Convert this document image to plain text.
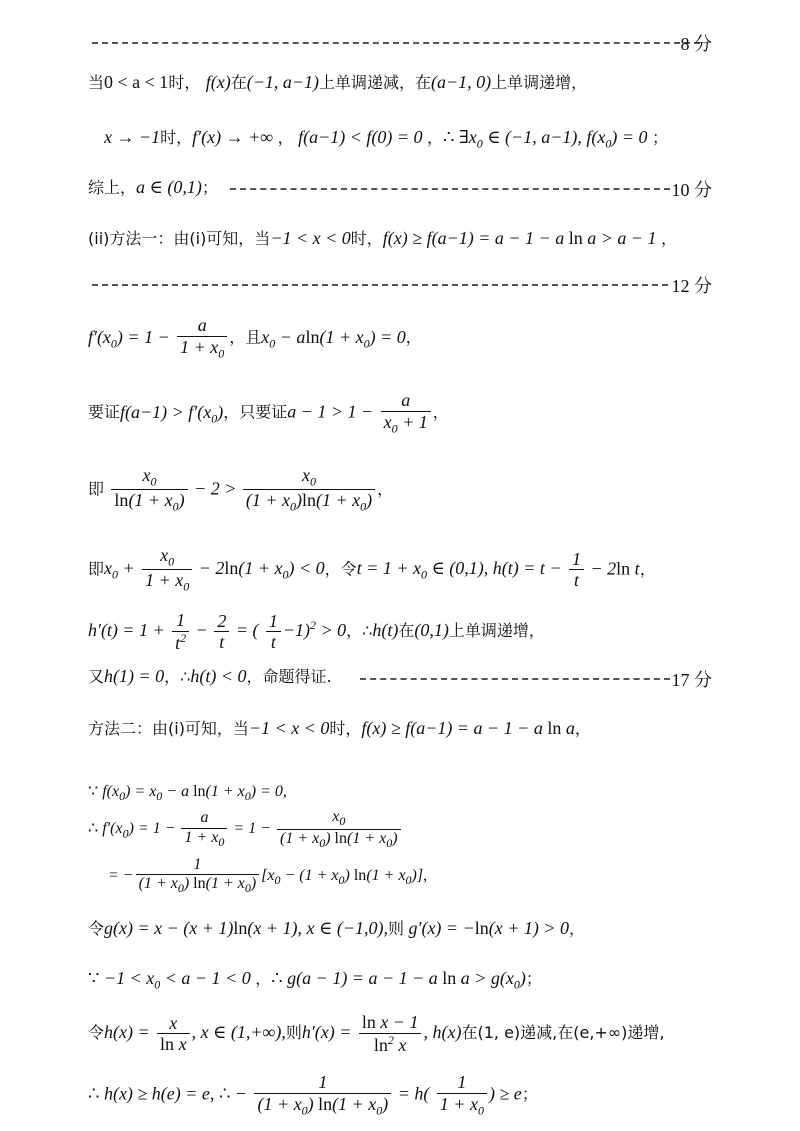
8 分
当0 < a < 1时， f(x)在(−1, a−1)上单调递减，在(a−1, 0)上单调递增，
x → −1时，f′(x) → +∞ ， f(a−1) < f(0) = 0 ，∴ $\exists x_0$ ∈ (−1, a−1), $f(x_0) = 0$ ；
综上，a ∈ (0,1)；	10 分
(ii)方法一：由(i)可知，当−1 < x < 0时，f(x) ≥ f(a−1) = a − 1 − a ln a > a − 1 ，
12 分
$f'(x_0) = 1 - \frac{a}{1 + x_0}$ ，且$x_0 - aln(1 + x_0) = 0$，
要证$f(a-1) > f'(x_0)$，只要证$a - 1 > 1 - \frac{a}{x_0 + 1}$ ，
即 $\frac{x_0}{\ln(1 + x_0)} - 2 > \frac{x_0}{(1 + x_0)\ln(1 + x_0)}$ ，
即$x_0 + \frac{x_0}{1 + x_0} - 2\ln(1 + x_0) < 0$，令$t = 1 + x_0$ ∈ (0,1), $h(t) = t - \frac{1}{t} - 2\ln$ t，
$h'(t) = 1 + \frac{1}{t^2} - \frac{2}{t}$ = ( $\frac{1}{t} -1)^2 > 0$，∴h(t)在(0,1)上单调递增，
又h(1) = 0，∴h(t) < 0，命题得证.	17 分
方法二：由(i)可知，当−1 < x < 0时，f(x) ≥ f(a−1) = a − 1 − a ln a，
∵ $f(x_0) = x_0 - a$ $\ln(1 + x_0) = 0$,
∴ $f'(x_0) = 1 - \frac{a}{1 + x_0} = 1 - \frac{x_0}{(1 + x_0) \ln(1 + x_0)}$
= − $\frac{1}{(1 + x_0) \ln(1 + x_0)} [x_0 - (1 + x_0) \ln(1 + x_0)]$,
令g(x) = x − (x + 1)ln(x + 1), x ∈ (−1,0),则 g′(x) = −ln(x + 1) > 0，
∵ $-1 < x_0 < a - 1 < 0$ ，∴ g(a − 1) = a − 1 − a $\ln a > g(x_0)$；
令$h(x) = \frac{x}{\text{ln x}}$ , x ∈ (1,+∞),则$h'(x) = \frac{\text{ln x − 1}}{\ln^2 x}$ , h(x)在(1, e)递减,在(e,+∞)递增,
∴ h(x) ≥ h(e) = e, ∴ − $\frac{1}{(1 + x_0) \ln(1 + x_0)} = h( \frac{1}{1 + x_0}$ ) ≥ e；
